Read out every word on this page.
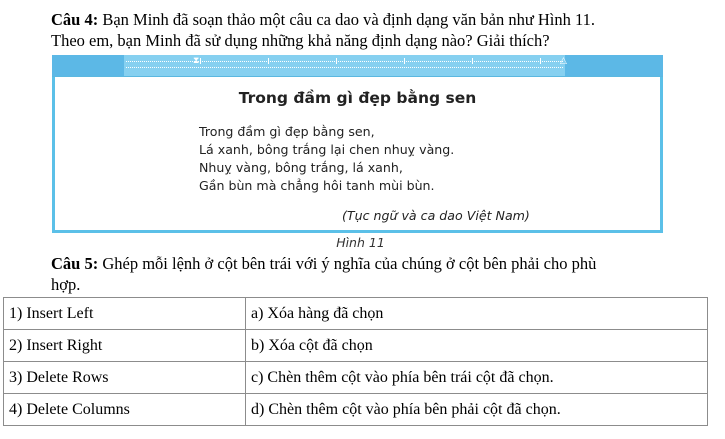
Câu 4: Bạn Minh đã soạn thảo một câu ca dao và định dạng văn bản như Hình 11.
Theo em, bạn Minh đã sử dụng những khả năng định dạng nào? Giải thích?
⧗	△
Trong đầm gì đẹp bằng sen
Trong đầm gì đẹp bằng sen,
Lá xanh, bông trắng lại chen nhuỵ vàng.
Nhuỵ vàng, bông trắng, lá xanh,
Gần bùn mà chẳng hôi tanh mùi bùn.
(Tục ngữ và ca dao Việt Nam)
Hình 11
Câu 5: Ghép mỗi lệnh ở cột bên trái với ý nghĩa của chúng ở cột bên phải cho phù
hợp.
1) Insert Left	a) Xóa hàng đã chọn
2) Insert Right	b) Xóa cột đã chọn
3) Delete Rows	c) Chèn thêm cột vào phía bên trái cột đã chọn.
4) Delete Columns	d) Chèn thêm cột vào phía bên phải cột đã chọn.
